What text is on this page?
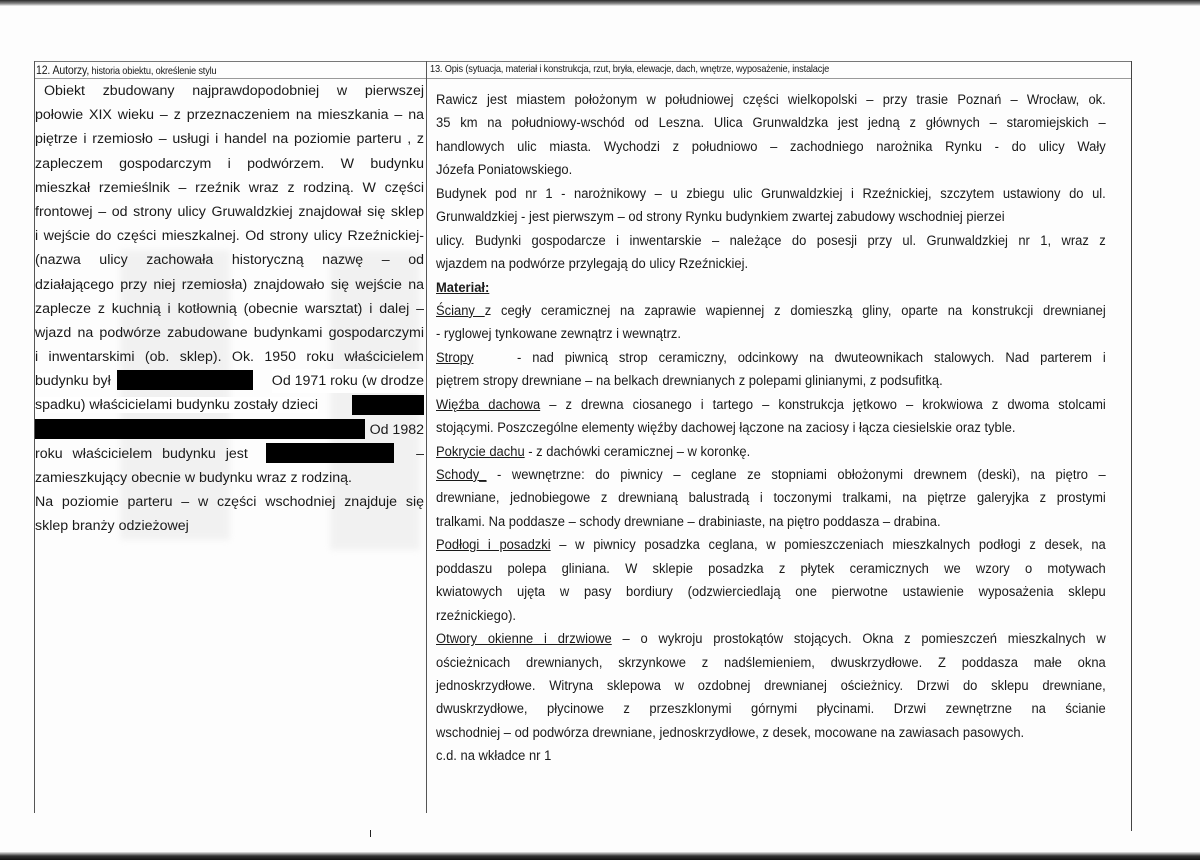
12. Autorzy, historia obiektu, określenie stylu	13. Opis (sytuacja, materiał i konstrukcja, rzut, bryła, elewacje, dach, wnętrze, wyposażenie, instalacje
Obiekt zbudowany najprawdopodobniej w pierwszej
połowie XIX wieku – z przeznaczeniem na mieszkania – na
piętrze i rzemiosło – usługi i handel na poziomie parteru , z
zapleczem gospodarczym i podwórzem. W budynku
mieszkał rzemieślnik – rzeźnik wraz z rodziną. W części
frontowej – od strony ulicy Gruwaldzkiej znajdował się sklep
i wejście do części mieszkalnej. Od strony ulicy Rzeźnickiej-
(nazwa ulicy zachowała historyczną nazwę – od
działającego przy niej rzemiosła) znajdowało się wejście na
zaplecze z kuchnią i kotłownią (obecnie warsztat) i dalej –
wjazd na podwórze zabudowane budynkami gospodarczymi
i inwentarskimi (ob. sklep). Ok. 1950 roku właścicielem
budynku był	Od 1971 roku (w drodze
spadku) właścicielami budynku zostały dzieci
Od 1982
roku właścicielem budynku jest	–
zamieszkujący obecnie w budynku wraz z rodziną.
Na poziomie parteru – w części wschodniej znajduje się
sklep branży odzieżowej
Rawicz jest miastem położonym w południowej części wielkopolski – przy trasie Poznań – Wrocław, ok.
35 km na południowy-wschód od Leszna. Ulica Grunwaldzka jest jedną z głównych – staromiejskich –
handlowych ulic miasta. Wychodzi z południowo – zachodniego narożnika Rynku - do ulicy Wały
Józefa Poniatowskiego.
Budynek pod nr 1 - narożnikowy – u zbiegu ulic Grunwaldzkiej i Rzeźnickiej, szczytem ustawiony do ul.
Grunwaldzkiej - jest pierwszym – od strony Rynku budynkiem zwartej zabudowy wschodniej pierzei
ulicy. Budynki gospodarcze i inwentarskie – należące do posesji przy ul. Grunwaldzkiej nr 1, wraz z
wjazdem na podwórze przylegają do ulicy Rzeźnickiej.
Materiał:
Ściany z cegły ceramicznej na zaprawie wapiennej z domieszką gliny, oparte na konstrukcji drewnianej
- ryglowej tynkowane zewnątrz i wewnątrz.
Stropy    - nad piwnicą strop ceramiczny, odcinkowy na dwuteownikach stalowych. Nad parterem i
piętrem stropy drewniane – na belkach drewnianych z polepami glinianymi, z podsufitką.
Więźba dachowa – z drewna ciosanego i tartego – konstrukcja jętkowo – krokwiowa z dwoma stolcami
stojącymi. Poszczególne elementy więźby dachowej łączone na zaciosy i łącza ciesielskie oraz tyble.
Pokrycie dachu - z dachówki ceramicznej – w koronkę.
Schody_ - wewnętrzne: do piwnicy – ceglane ze stopniami obłożonymi drewnem (deski), na piętro –
drewniane, jednobiegowe z drewnianą balustradą i toczonymi tralkami, na piętrze galeryjka z prostymi
tralkami. Na poddasze – schody drewniane – drabiniaste, na piętro poddasza – drabina.
Podłogi i posadzki – w piwnicy posadzka ceglana, w pomieszczeniach mieszkalnych podłogi z desek, na
poddaszu polepa gliniana. W sklepie posadzka z płytek ceramicznych we wzory o motywach
kwiatowych ujęta w pasy bordiury (odzwierciedlają one pierwotne ustawienie wyposażenia sklepu
rzeźnickiego).
Otwory okienne i drzwiowe – o wykroju prostokątów stojących. Okna z pomieszczeń mieszkalnych w
ościeżnicach drewnianych, skrzynkowe z nadślemieniem, dwuskrzydłowe. Z poddasza małe okna
jednoskrzydłowe. Witryna sklepowa w ozdobnej drewnianej ościeżnicy. Drzwi do sklepu drewniane,
dwuskrzydłowe, płycinowe z przeszklonymi górnymi płycinami. Drzwi zewnętrzne na ścianie
wschodniej – od podwórza drewniane, jednoskrzydłowe, z desek, mocowane na zawiasach pasowych.
c.d. na wkładce nr 1
